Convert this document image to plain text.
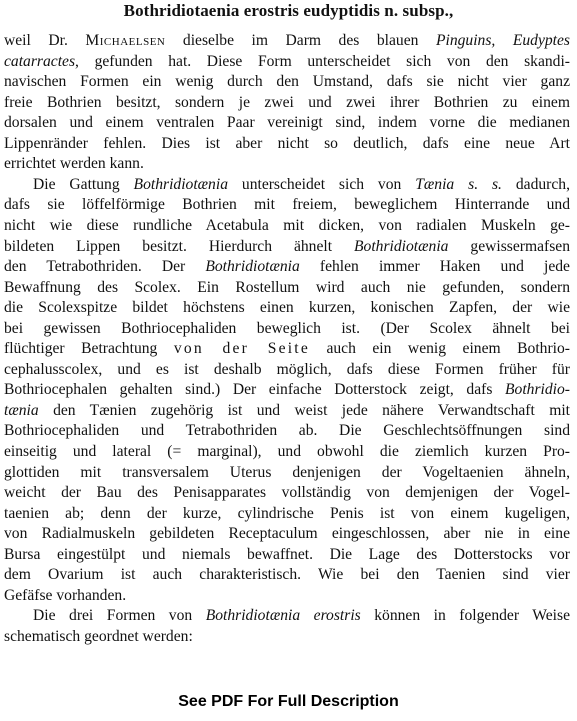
Bothridiotaenia erostris eudyptidis n. subsp.,
weil Dr. Michaelsen dieselbe im Darm des blauen Pinguins, Eudyptes
catarractes, gefunden hat. Diese Form unterscheidet sich von den skandi-
navischen Formen ein wenig durch den Umstand, dafs sie nicht vier ganz
freie Bothrien besitzt, sondern je zwei und zwei ihrer Bothrien zu einem
dorsalen und einem ventralen Paar vereinigt sind, indem vorne die medianen
Lippenränder fehlen. Dies ist aber nicht so deutlich, dafs eine neue Art
errichtet werden kann.
Die Gattung Bothridiotænia unterscheidet sich von Tænia s. s. dadurch,
dafs sie löffelförmige Bothrien mit freiem, beweglichem Hinterrande und
nicht wie diese rundliche Acetabula mit dicken, von radialen Muskeln ge-
bildeten Lippen besitzt. Hierdurch ähnelt Bothridiotænia gewissermafsen
den Tetrabothriden. Der Bothridiotænia fehlen immer Haken und jede
Bewaffnung des Scolex. Ein Rostellum wird auch nie gefunden, sondern
die Scolexspitze bildet höchstens einen kurzen, konischen Zapfen, der wie
bei gewissen Bothriocephaliden beweglich ist. (Der Scolex ähnelt bei
flüchtiger Betrachtung von der Seite auch ein wenig einem Bothrio-
cephalusscolex, und es ist deshalb möglich, dafs diese Formen früher für
Bothriocephalen gehalten sind.) Der einfache Dotterstock zeigt, dafs Bothridio-
tænia den Tænien zugehörig ist und weist jede nähere Verwandtschaft mit
Bothriocephaliden und Tetrabothriden ab. Die Geschlechtsöffnungen sind
einseitig und lateral (= marginal), und obwohl die ziemlich kurzen Pro-
glottiden mit transversalem Uterus denjenigen der Vogeltaenien ähneln,
weicht der Bau des Penisapparates vollständig von demjenigen der Vogel-
taenien ab; denn der kurze, cylindrische Penis ist von einem kugeligen,
von Radialmuskeln gebildeten Receptaculum eingeschlossen, aber nie in eine
Bursa eingestülpt und niemals bewaffnet. Die Lage des Dotterstocks vor
dem Ovarium ist auch charakteristisch. Wie bei den Taenien sind vier
Gefäfse vorhanden.
Die drei Formen von Bothridiotænia erostris können in folgender Weise
schematisch geordnet werden:
See PDF For Full Description
